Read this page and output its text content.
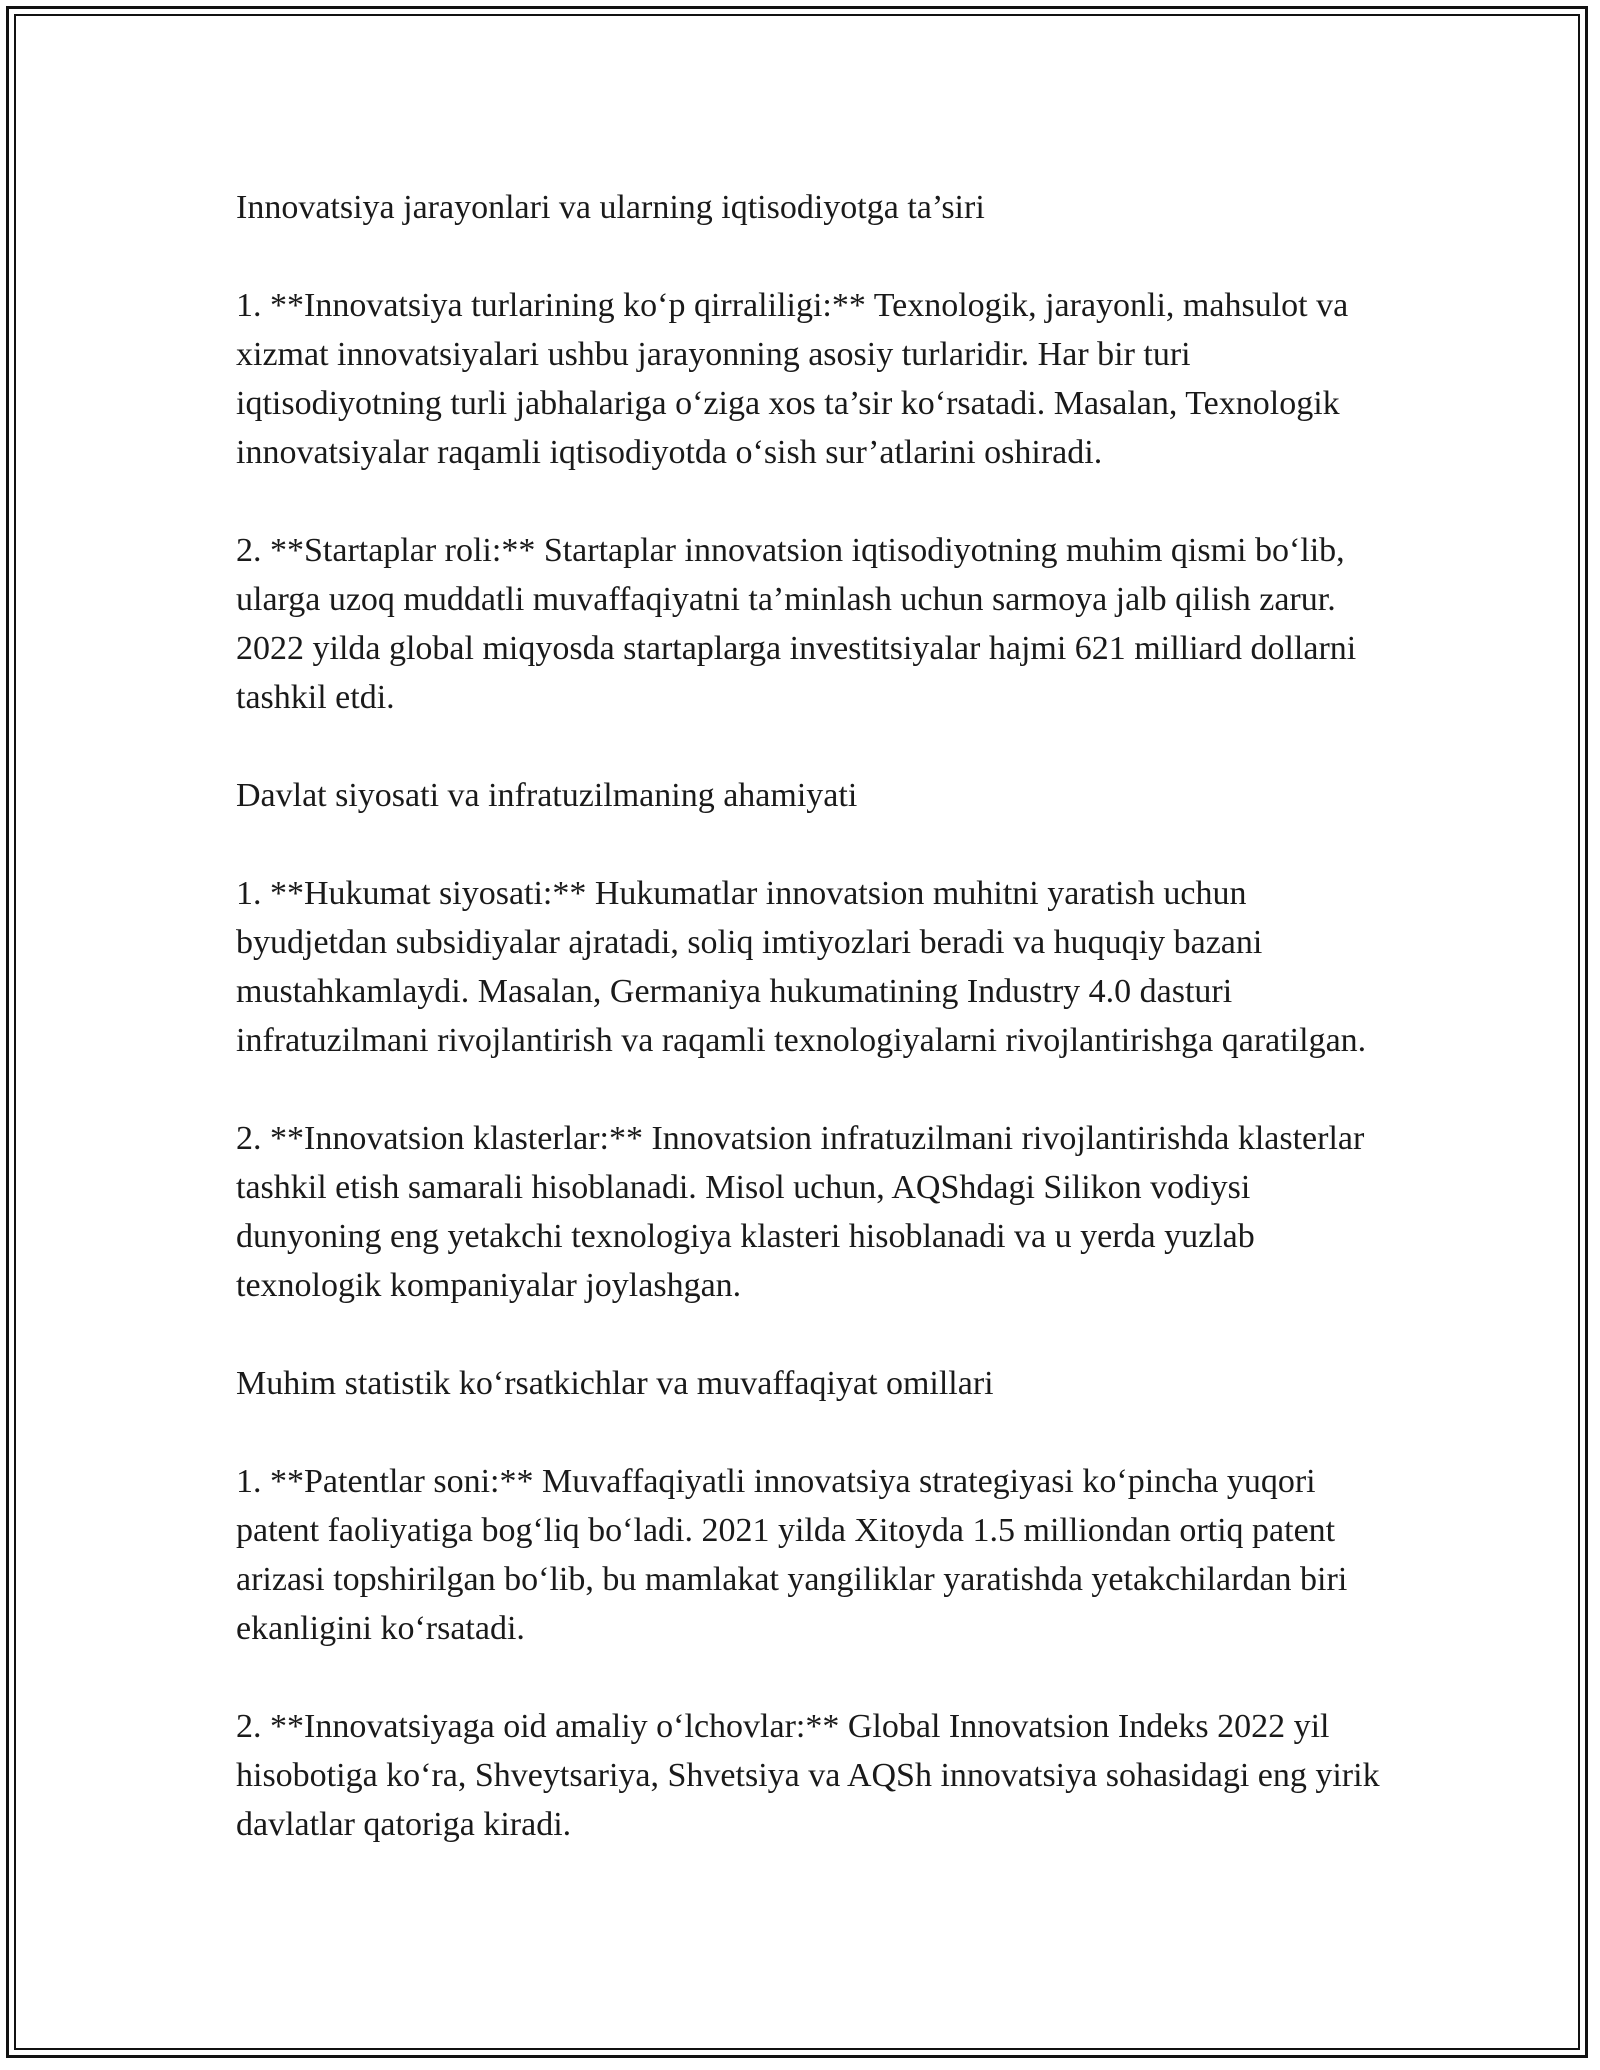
Innovatsiya jarayonlari va ularning iqtisodiyotga ta’siri

1. **Innovatsiya turlarining ko‘p qirraliligi:** Texnologik, jarayonli, mahsulot va xizmat innovatsiyalari ushbu jarayonning asosiy turlaridir. Har bir turi iqtisodiyotning turli jabhalariga o‘ziga xos ta’sir ko‘rsatadi. Masalan, Texnologik innovatsiyalar raqamli iqtisodiyotda o‘sish sur’atlarini oshiradi.

2. **Startaplar roli:** Startaplar innovatsion iqtisodiyotning muhim qismi bo‘lib, ularga uzoq muddatli muvaffaqiyatni ta’minlash uchun sarmoya jalb qilish zarur. 2022 yilda global miqyosda startaplarga investitsiyalar hajmi 621 milliard dollarni tashkil etdi.

Davlat siyosati va infratuzilmaning ahamiyati

1. **Hukumat siyosati:** Hukumatlar innovatsion muhitni yaratish uchun byudjetdan subsidiyalar ajratadi, soliq imtiyozlari beradi va huquqiy bazani mustahkamlaydi. Masalan, Germaniya hukumatining Industry 4.0 dasturi infratuzilmani rivojlantirish va raqamli texnologiyalarni rivojlantirishga qaratilgan.

2. **Innovatsion klasterlar:** Innovatsion infratuzilmani rivojlantirishda klasterlar tashkil etish samarali hisoblanadi. Misol uchun, AQShdagi Silikon vodiysi dunyoning eng yetakchi texnologiya klasteri hisoblanadi va u yerda yuzlab texnologik kompaniyalar joylashgan.

Muhim statistik ko‘rsatkichlar va muvaffaqiyat omillari

1. **Patentlar soni:** Muvaffaqiyatli innovatsiya strategiyasi ko‘pincha yuqori patent faoliyatiga bog‘liq bo‘ladi. 2021 yilda Xitoyda 1.5 milliondan ortiq patent arizasi topshirilgan bo‘lib, bu mamlakat yangiliklar yaratishda yetakchilardan biri ekanligini ko‘rsatadi.

2. **Innovatsiyaga oid amaliy o‘lchovlar:** Global Innovatsion Indeks 2022 yil hisobotiga ko‘ra, Shveytsariya, Shvetsiya va AQSh innovatsiya sohasidagi eng yirik davlatlar qatoriga kiradi.
